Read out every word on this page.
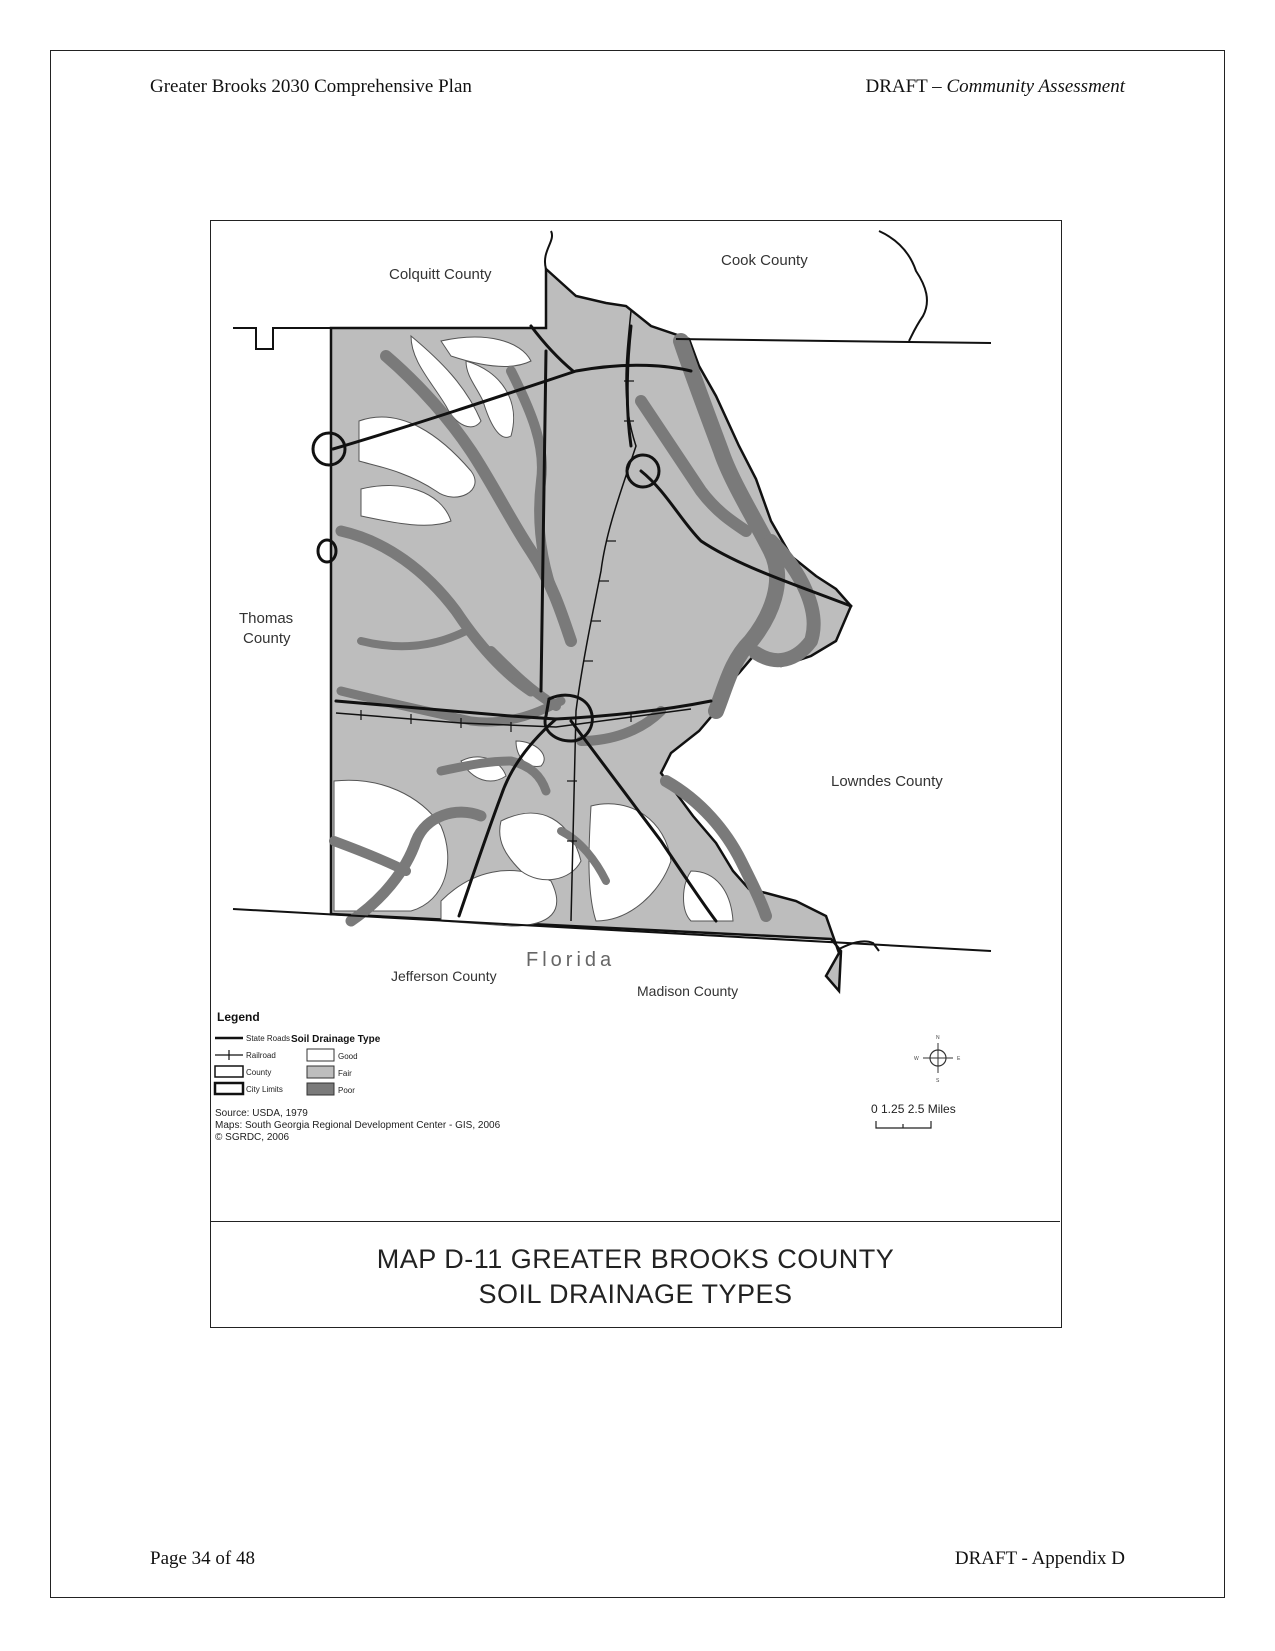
Greater Brooks 2030 Comprehensive Plan	DRAFT – Community Assessment
Colquitt County
Cook County
Thomas
County
Lowndes County
Florida
Jefferson County
Madison County
Legend
State Roads
Railroad
County
City Limits
Soil Drainage Type
Good
Fair
Poor
Source: USDA, 1979
Maps: South Georgia Regional Development Center - GIS, 2006
© SGRDC, 2006
N
S
E
W
0 1.25 2.5 Miles
MAP D-11 GREATER BROOKS COUNTY
SOIL DRAINAGE TYPES
Page 34 of 48	DRAFT - Appendix D
